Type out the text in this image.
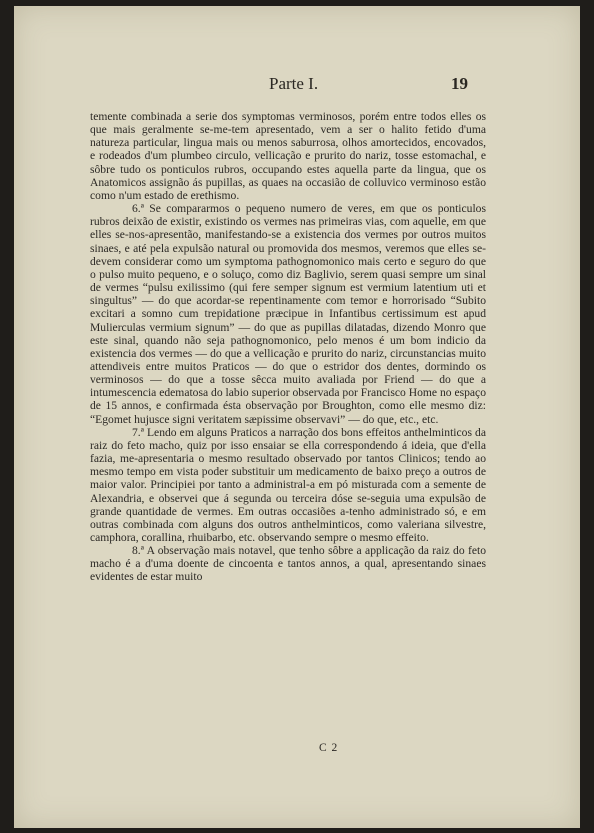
Parte I.	19

temente combinada a serie dos symptomas verminosos, porém entre todos elles os que mais geralmente se-me-tem apresentado, vem a ser o halito fetido d'uma natureza particular, lingua mais ou menos saburrosa, olhos amortecidos, encovados, e rodeados d'um plumbeo circulo, vellicação e prurito do nariz, tosse estomachal, e sôbre tudo os ponticulos rubros, occupando estes aquella parte da lingua, que os Anatomicos assignão ás pupillas, as quaes na occasião de colluvico verminoso estão como n'um estado de erethismo.

6.ª Se compararmos o pequeno numero de veres, em que os ponticulos rubros deixão de existir, existindo os vermes nas primeiras vias, com aquelle, em que elles se-nos-apresentão, manifestando-se a existencia dos vermes por outros muitos sinaes, e até pela expulsão natural ou promovida dos mesmos, veremos que elles se-devem considerar como um symptoma pathognomonico mais certo e seguro do que o pulso muito pequeno, e o soluço, como diz Baglivio, serem quasi sempre um sinal de vermes “pulsu exilissimo (qui fere semper signum est vermium latentium uti et singultus” — do que acordar-se repentinamente com temor e horrorisado “Subito excitari a somno cum trepidatione præcipue in Infantibus certissimum est apud Mulierculas vermium signum” — do que as pupillas dilatadas, dizendo Monro que este sinal, quando não seja pathognomonico, pelo menos é um bom indicio da existencia dos vermes — do que a vellicação e prurito do nariz, circunstancias muito attendiveis entre muitos Praticos — do que o estridor dos dentes, dormindo os verminosos — do que a tosse sêcca muito avaliada por Friend — do que a intumescencia edematosa do labio superior observada por Francisco Home no espaço de 15 annos, e confirmada ésta observação por Broughton, como elle mesmo diz: “Egomet hujusce signi veritatem sæpissime observavi” — do que, etc., etc.

7.ª Lendo em alguns Praticos a narração dos bons effeitos anthelminticos da raiz do feto macho, quiz por isso ensaiar se ella correspondendo á ideia, que d'ella fazia, me-apresentaria o mesmo resultado observado por tantos Clinicos; tendo ao mesmo tempo em vista poder substituir um medicamento de baixo preço a outros de maior valor. Principiei por tanto a administral-a em pó misturada com a semente de Alexandria, e observei que á segunda ou terceira dóse se-seguia uma expulsão de grande quantidade de vermes. Em outras occasiões a-tenho administrado só, e em outras combinada com alguns dos outros anthelminticos, como valeriana silvestre, camphora, corallina, rhuibarbo, etc. observando sempre o mesmo effeito.

8.ª A observação mais notavel, que tenho sôbre a applicação da raiz do feto macho é a d'uma doente de cincoenta e tantos annos, a qual, apresentando sinaes evidentes de estar muito

C 2
